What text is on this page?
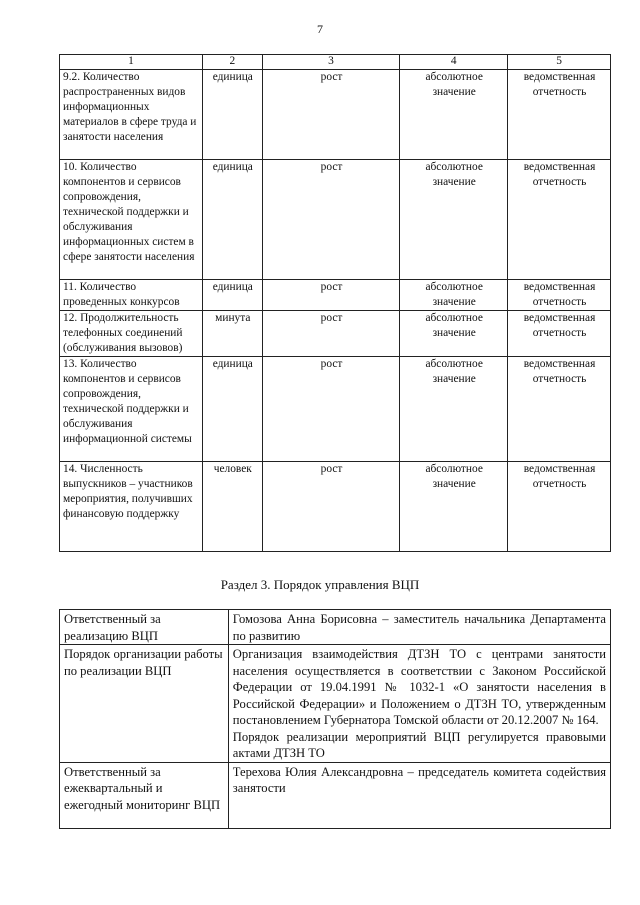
7
1	2	3	4	5
9.2. Количество распространенных видов информационных материалов в сфере труда и занятости населения	единица	рост	абсолютное значение	ведомственная отчетность
10. Количество компонентов и сервисов сопровождения, технической поддержки и обслуживания информационных систем в сфере занятости населения	единица	рост	абсолютное значение	ведомственная отчетность
11. Количество проведенных конкурсов	единица	рост	абсолютное значение	ведомственная отчетность
12. Продолжительность телефонных соединений (обслуживания вызовов)	минута	рост	абсолютное значение	ведомственная отчетность
13. Количество компонентов и сервисов сопровождения, технической поддержки и обслуживания информационной системы	единица	рост	абсолютное значение	ведомственная отчетность
14. Численность выпускников – участников мероприятия, получивших финансовую поддержку	человек	рост	абсолютное значение	ведомственная отчетность
Раздел 3. Порядок управления ВЦП
Ответственный за реализацию ВЦП	Гомозова Анна Борисовна – заместитель начальника Департамента по развитию

Порядок организации работы по реализации ВЦП	Организация взаимодействия ДТЗН ТО с центрами занятости населения осуществляется в соответствии с Законом Российской Федерации от 19.04.1991 № 1032-1 «О занятости населения в Российской Федерации» и Положением о ДТЗН ТО, утвержденным постановлением Губернатора Томской области от 20.12.2007 № 164.

Порядок реализации мероприятий ВЦП регулируется правовыми актами ДТЗН ТО

Ответственный за ежеквартальный и ежегодный мониторинг ВЦП	Терехова Юлия Александровна – председатель комитета содействия занятости
